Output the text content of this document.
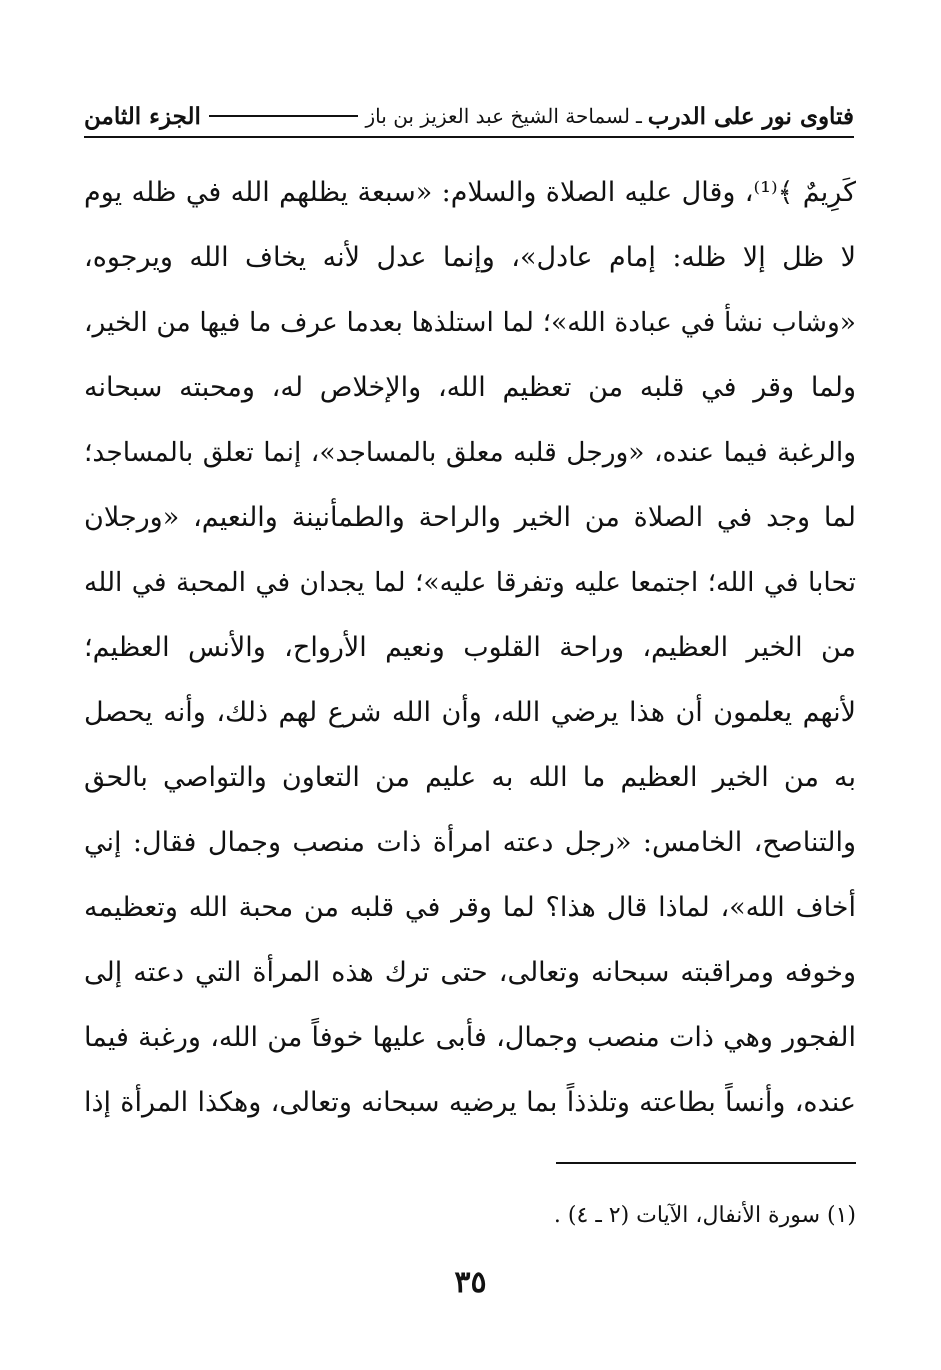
فتاوى نور على الدرب
ـ
لسماحة الشيخ عبد العزيز بن باز
الجزء الثامن
كَرِيمٌ ﴾⁽¹⁾، وقال عليه الصلاة والسلام: «سبعة يظلهم الله في ظله يوم
لا ظل إلا ظله: إمام عادل»، وإنما عدل لأنه يخاف الله ويرجوه،
«وشاب نشأ في عبادة الله»؛ لما استلذها بعدما عرف ما فيها من الخير،
ولما وقر في قلبه من تعظيم الله، والإخلاص له، ومحبته سبحانه
والرغبة فيما عنده، «ورجل قلبه معلق بالمساجد»، إنما تعلق بالمساجد؛
لما وجد في الصلاة من الخير والراحة والطمأنينة والنعيم، «ورجلان
تحابا في الله؛ اجتمعا عليه وتفرقا عليه»؛ لما يجدان في المحبة في الله
من الخير العظيم، وراحة القلوب ونعيم الأرواح، والأنس العظيم؛
لأنهم يعلمون أن هذا يرضي الله، وأن الله شرع لهم ذلك، وأنه يحصل
به من الخير العظيم ما الله به عليم من التعاون والتواصي بالحق
والتناصح، الخامس: «رجل دعته امرأة ذات منصب وجمال فقال: إني
أخاف الله»، لماذا قال هذا؟ لما وقر في قلبه من محبة الله وتعظيمه
وخوفه ومراقبته سبحانه وتعالى، حتى ترك هذه المرأة التي دعته إلى
الفجور وهي ذات منصب وجمال، فأبى عليها خوفاً من الله، ورغبة فيما
عنده، وأنساً بطاعته وتلذذاً بما يرضيه سبحانه وتعالى، وهكذا المرأة إذا
(١) سورة الأنفال، الآيات (٢ ـ ٤) .
٣٥
